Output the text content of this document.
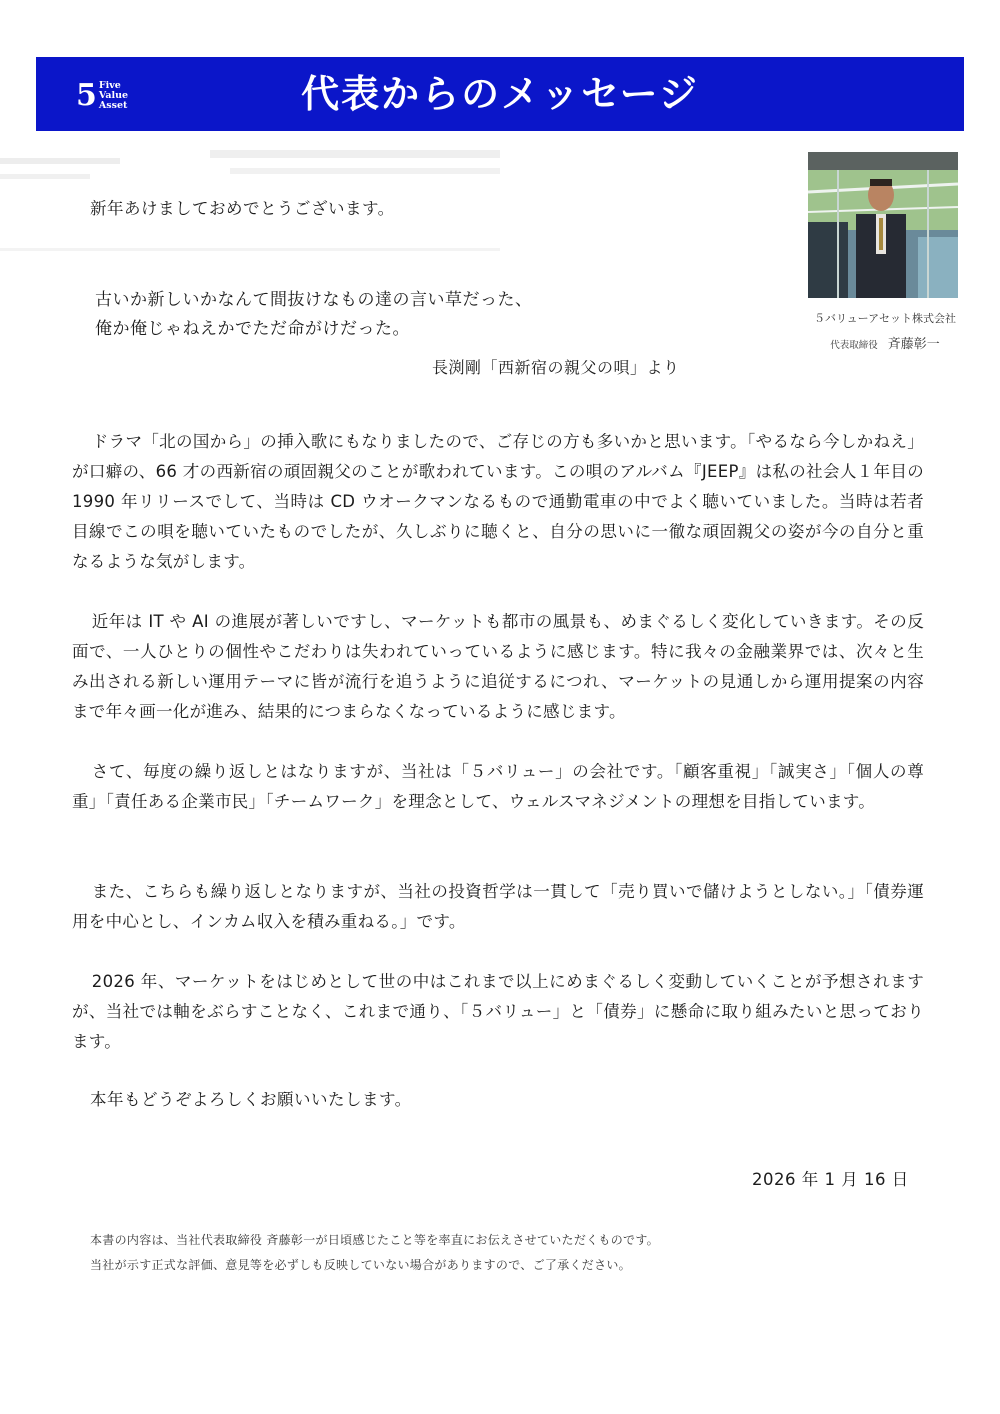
5 Five
Value
Asset	代表からのメッセージ
５バリューアセット株式会社
代表取締役 斉藤彰一
新年あけましておめでとうございます。
古いか新しいかなんて間抜けなもの達の言い草だった、
俺か俺じゃねえかでただ命がけだった。
長渕剛「西新宿の親父の唄」より

ドラマ「北の国から」の挿入歌にもなりましたので、ご存じの方も多いかと思います。「やるなら今しかねえ」が口癖の、66 才の西新宿の頑固親父のことが歌われています。この唄のアルバム『JEEP』は私の社会人１年目の 1990 年リリースでして、当時は CD ウオークマンなるもので通勤電車の中でよく聴いていました。当時は若者目線でこの唄を聴いていたものでしたが、久しぶりに聴くと、自分の思いに一徹な頑固親父の姿が今の自分と重なるような気がします。

近年は IT や AI の進展が著しいですし、マーケットも都市の風景も、めまぐるしく変化していきます。その反面で、一人ひとりの個性やこだわりは失われていっているように感じます。特に我々の金融業界では、次々と生み出される新しい運用テーマに皆が流行を追うように追従するにつれ、マーケットの見通しから運用提案の内容まで年々画一化が進み、結果的につまらなくなっているように感じます。

さて、毎度の繰り返しとはなりますが、当社は「５バリュー」の会社です。「顧客重視」「誠実さ」「個人の尊重」「責任ある企業市民」「チームワーク」を理念として、ウェルスマネジメントの理想を目指しています。

また、こちらも繰り返しとなりますが、当社の投資哲学は一貫して「売り買いで儲けようとしない。」「債券運用を中心とし、インカム収入を積み重ねる。」です。

2026 年、マーケットをはじめとして世の中はこれまで以上にめまぐるしく変動していくことが予想されますが、当社では軸をぶらすことなく、これまで通り、「５バリュー」と「債券」に懸命に取り組みたいと思っております。

本年もどうぞよろしくお願いいたします。
2026 年 1 月 16 日
本書の内容は、当社代表取締役 斉藤彰一が日頃感じたこと等を率直にお伝えさせていただくものです。
当社が示す正式な評価、意見等を必ずしも反映していない場合がありますので、ご了承ください。
